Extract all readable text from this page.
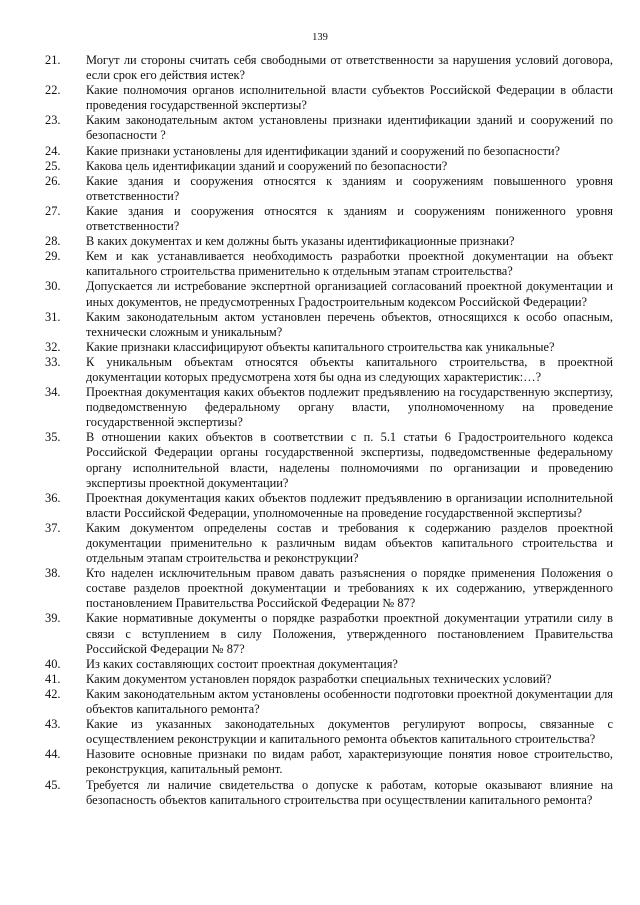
139
21.	Могут ли стороны считать себя свободными от ответственности за нарушения условий договора, если срок его действия истек?
22.	Какие полномочия органов исполнительной власти субъектов Российской Федерации в области проведения государственной экспертизы?
23.	Каким законодательным актом установлены признаки идентификации зданий и сооружений по безопасности ?
24.	Какие признаки установлены для идентификации зданий и сооружений по безопасности?
25.	Какова цель идентификации зданий и сооружений по безопасности?
26.	Какие здания и сооружения относятся к зданиям и сооружениям повышенного уровня ответственности?
27.	Какие здания и сооружения относятся к зданиям и сооружениям пониженного уровня ответственности?
28.	В каких документах и кем должны быть указаны идентификационные признаки?
29.	Кем и как устанавливается необходимость разработки проектной документации на объект капитального строительства применительно к отдельным этапам строительства?
30.	Допускается ли истребование экспертной организацией согласований проектной документации и иных документов, не предусмотренных Градостроительным кодексом Российской Федерации?
31.	Каким законодательным актом установлен перечень объектов, относящихся к особо опасным, технически сложным и уникальным?
32.	Какие признаки классифицируют объекты капитального строительства как уникальные?
33.	К уникальным объектам относятся объекты капитального строительства, в проектной документации которых предусмотрена хотя бы одна из следующих характеристик:…?
34.	Проектная документация каких объектов подлежит предъявлению на государственную экспертизу, подведомственную федеральному органу власти, уполномоченному на проведение государственной экспертизы?
35.	В отношении каких объектов в соответствии с п. 5.1 статьи 6 Градостроительного кодекса Российской Федерации органы государственной экспертизы, подведомственные федеральному органу исполнительной власти, наделены полномочиями по организации и проведению экспертизы проектной документации?
36.	Проектная документация каких объектов подлежит предъявлению в организации исполнительной власти Российской Федерации, уполномоченные на проведение государственной экспертизы?
37.	Каким документом определены состав и требования к содержанию разделов проектной документации применительно к различным видам объектов капитального строительства и отдельным этапам строительства и реконструкции?
38.	Кто наделен исключительным правом давать разъяснения о порядке применения Положения о составе разделов проектной документации и требованиях к их содержанию, утвержденного постановлением Правительства Российской Федерации № 87?
39.	Какие нормативные документы о порядке разработки проектной документации утратили силу в связи с вступлением в силу Положения, утвержденного постановлением Правительства Российской Федерации № 87?
40.	Из каких составляющих состоит проектная документация?
41.	Каким документом установлен порядок разработки специальных технических условий?
42.	Каким законодательным актом установлены особенности подготовки проектной документации для объектов капитального ремонта?
43.	Какие из указанных законодательных документов регулируют вопросы, связанные с осуществлением реконструкции и капитального ремонта объектов капитального строительства?
44.	Назовите основные признаки по видам работ, характеризующие понятия новое строительство, реконструкция, капитальный ремонт.
45.	Требуется ли наличие свидетельства о допуске к работам, которые оказывают влияние на безопасность объектов капитального строительства при осуществлении капитального ремонта?
